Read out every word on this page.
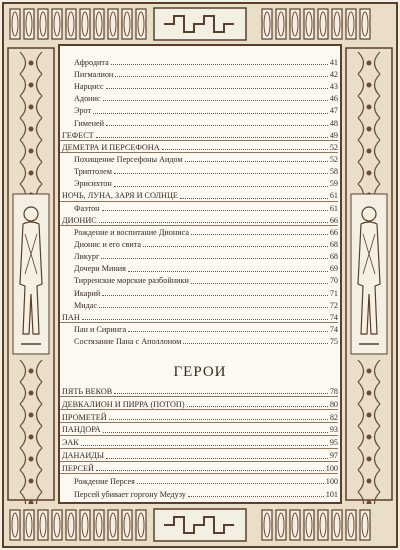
Афродита	41
Пигмалион	42
Нарцисс	43
Адонис	46
Эрот	47
Гименей	48
ГЕФЕСТ	49
ДЕМЕТРА И ПЕРСЕФОНА	52
Похищение Персефоны Аидом	52
Триптолем	58
Эрисихтон	59
НОЧЬ, ЛУНА, ЗАРЯ И СОЛНЦЕ	61
Фаэтон	61
ДИОНИС	66
Рождение и воспитание Диониса	66
Дионис и его свита	68
Ликург	68
Дочери Миния	69
Тирренские морские разбойники	70
Икарий	71
Мидас	72
ПАН	74
Пан и Сиринга	74
Состязание Пана с Аполлоном	75
ГЕРОИ
ПЯТЬ ВЕКОВ	78
ДЕВКАЛИОН И ПИРРА (ПОТОП)	80
ПРОМЕТЕЙ	82
ПАНДОРА	93
ЭАК	95
ДАНАИДЫ	97
ПЕРСЕЙ	100
Рождение Персея	100
Персей убивает горгону Медузу	101
